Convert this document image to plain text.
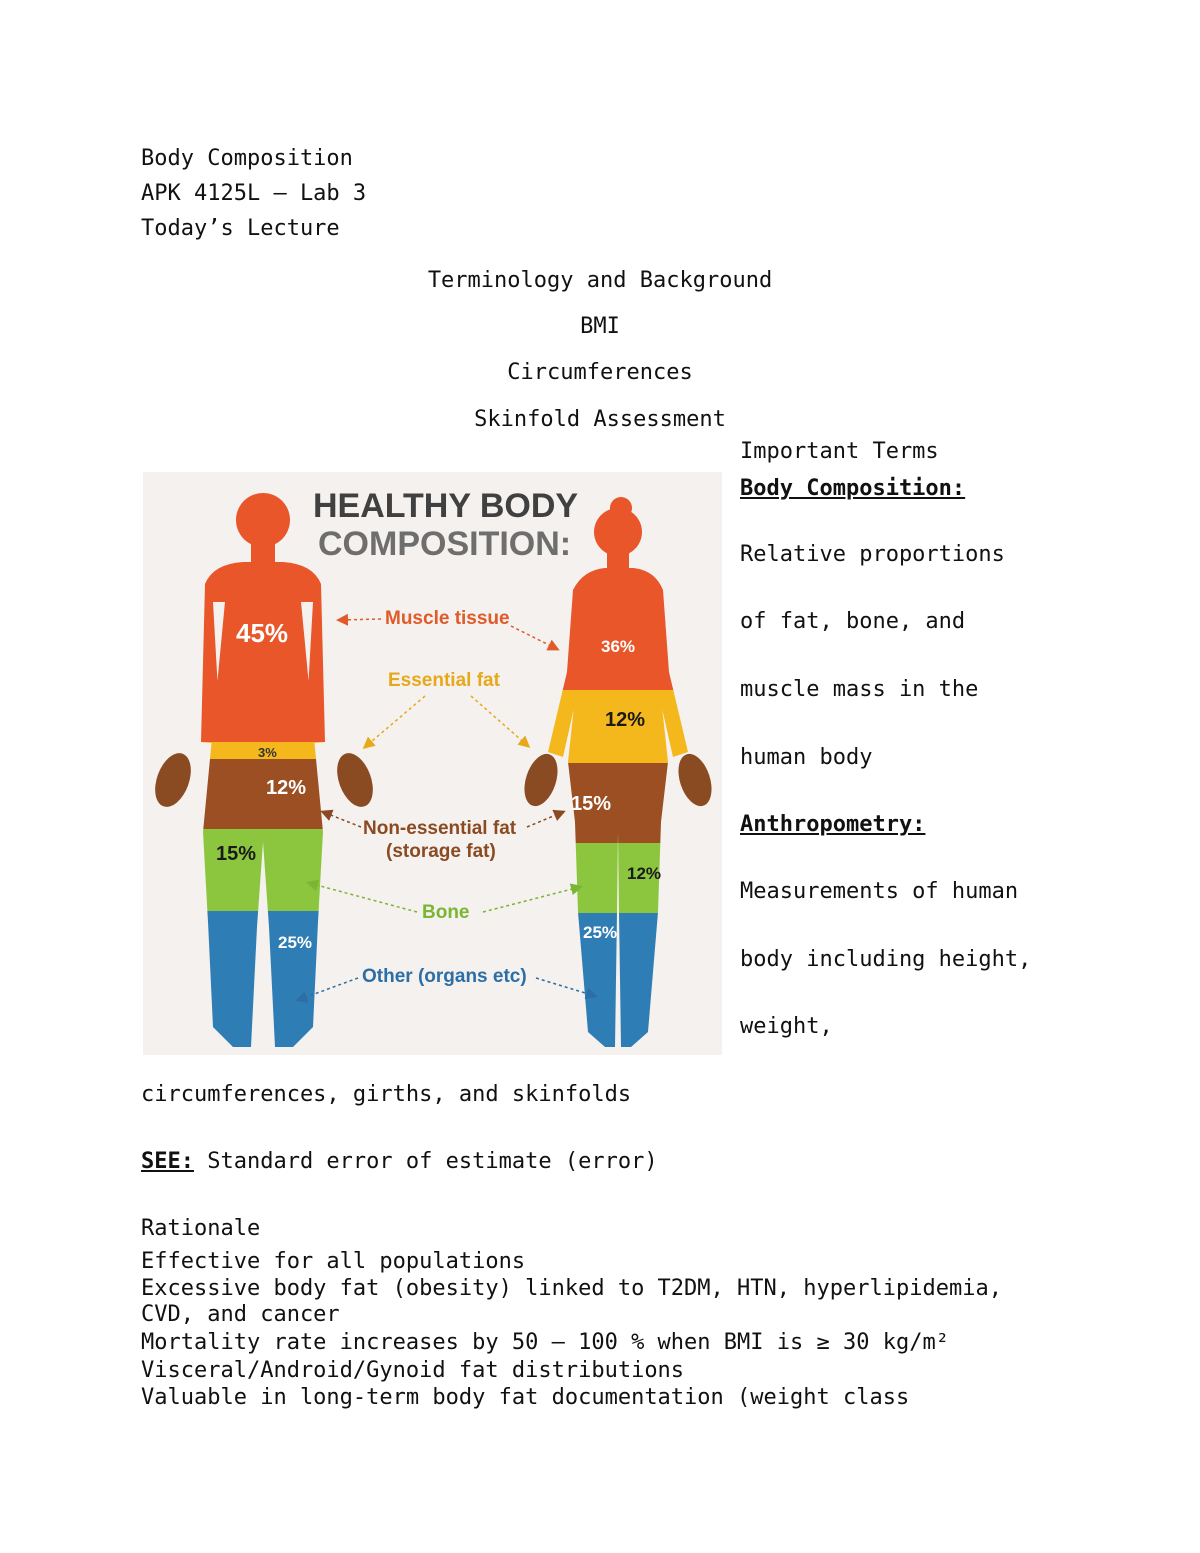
Body Composition
APK 4125L – Lab 3
Today’s Lecture
Terminology and Background
BMI
Circumferences
Skinfold Assessment
HEALTHY BODY
COMPOSITION:
45%
3%
12%
15%
25%
36%
12%
15%
12%
25%
Muscle tissue
Essential fat
Non-essential fat
(storage fat)
Bone
Other (organs etc)
Important Terms
Body Composition:
Relative proportions
of fat, bone, and
muscle mass in the
human body
Anthropometry:
Measurements of human
body including height,
weight,
circumferences, girths, and skinfolds
SEE: Standard error of estimate (error)
Rationale
Effective for all populations
Excessive body fat (obesity) linked to T2DM, HTN, hyperlipidemia,
CVD, and cancer
Mortality rate increases by 50 – 100 % when BMI is ≥ 30 kg/m²
Visceral/Android/Gynoid fat distributions
Valuable in long-term body fat documentation (weight class
